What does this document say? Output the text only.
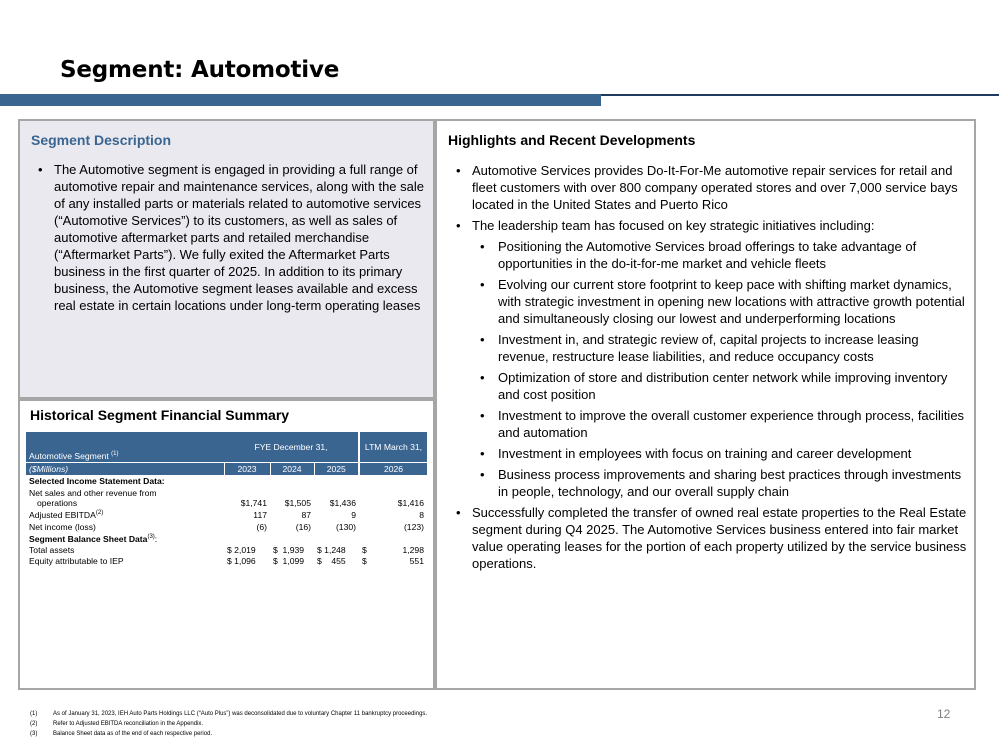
Segment: Automotive
Segment Description
• The Automotive segment is engaged in providing a full range of automotive repair and maintenance services, along with the sale of any installed parts or materials related to automotive services (“Automotive Services”) to its customers, as well as sales of automotive aftermarket parts and retailed merchandise (“Aftermarket Parts”). We fully exited the Aftermarket Parts business in the first quarter of 2025. In addition to its primary business, the Automotive segment leases available and excess real estate in certain locations under long-term operating leases
Historical Segment Financial Summary
Automotive Segment $^{(1)}$	FYE December 31,			LTM March 31,	
($Millions)	2023	2024	2025	2026	
Selected Income Statement Data:					
Net sales and other revenue from
operations	$1,741	$1,505	$1,436	$1,416	
Adjusted EBITDA$^{(2)}$	117	87	9	8	
Net income (loss)	(6)	(16)	(130)	(123)	
Segment Balance Sheet Data$^{(3)}$:					
Total assets	$ 2,019	$  1,939	$ 1,248	$	1,298
Equity attributable to IEP	$ 1,096	$  1,099	$    455	$	551
Highlights and Recent Developments
• Automotive Services provides Do-It-For-Me automotive repair services for retail and fleet customers with over 800 company operated stores and over 7,000 service bays located in the United States and Puerto Rico
• The leadership team has focused on key strategic initiatives including:
• Positioning the Automotive Services broad offerings to take advantage of opportunities in the do-it-for-me market and vehicle fleets
• Evolving our current store footprint to keep pace with shifting market dynamics, with strategic investment in opening new locations with attractive growth potential and simultaneously closing our lowest and underperforming locations
• Investment in, and strategic review of, capital projects to increase leasing revenue, restructure lease liabilities, and reduce occupancy costs
• Optimization of store and distribution center network while improving inventory and cost position
• Investment to improve the overall customer experience through process, facilities and automation
• Investment in employees with focus on training and career development
• Business process improvements and sharing best practices through investments in people, technology, and our overall supply chain
• Successfully completed the transfer of owned real estate properties to the Real Estate segment during Q4 2025. The Automotive Services business entered into fair market value operating leases for the portion of each property utilized by the service business operations.
(1)	As of January 31, 2023, IEH Auto Parts Holdings LLC (“Auto Plus”) was deconsolidated due to voluntary Chapter 11 bankruptcy proceedings.
(2)	Refer to Adjusted EBITDA reconciliation in the Appendix.
(3)	Balance Sheet data as of the end of each respective period.
12
